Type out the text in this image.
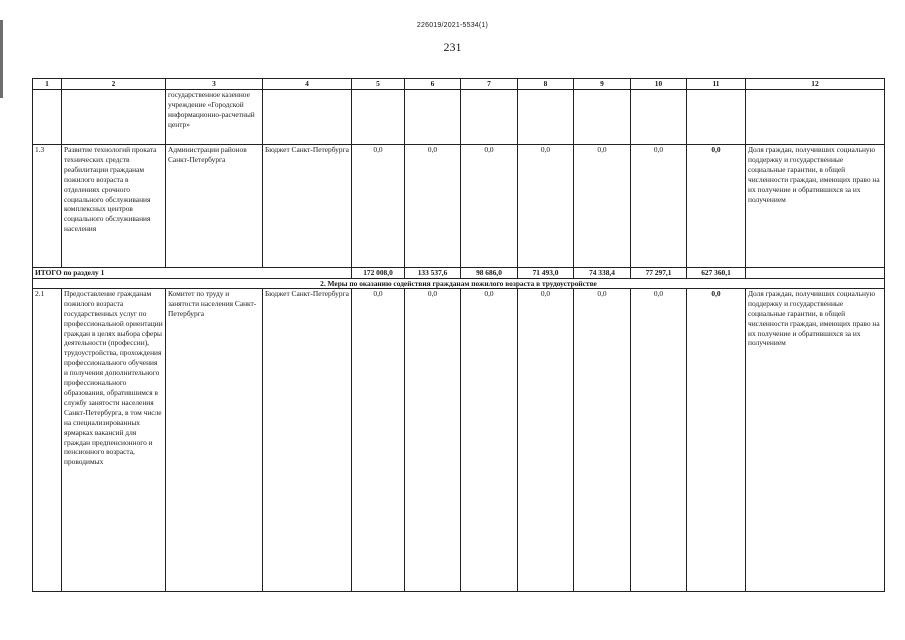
226019/2021-5534(1)
231
1	2	3	4	5	6	7	8	9	10	11	12
		государственное казенное учреждение «Городской информационно-расчетный центр»									
1.3	Развитие технологий проката технических средств реабилитации гражданам пожилого возраста в отделениях срочного социального обслуживания комплексных центров социального обслуживания населения	Администрации районов Санкт-Петербурга	Бюджет Санкт-Петербурга	0,0	0,0	0,0	0,0	0,0	0,0	0,0	Доля граждан, получивших социальную поддержку и государственные социальные гарантии, в общей численности граждан, имеющих право на их получение и обратившихся за их получением
ИТОГО по разделу 1				172 008,0	133 537,6	98 686,0	71 493,0	74 338,4	77 297,1	627 360,1	
2. Меры по оказанию содействия гражданам пожилого возраста в трудоустройстве											
2.1	Предоставление гражданам пожилого возраста государственных услуг по профессиональной ориентации граждан в целях выбора сферы деятельности (профессии), трудоустройства, прохождения профессионального обучения и получения дополнительного профессионального образования, обратившимся в службу занятости населения Санкт-Петербурга, в том числе на специализированных ярмарках вакансий для граждан предпенсионного и пенсионного возраста, проводимых	Комитет по труду и занятости населения Санкт-Петербурга	Бюджет Санкт-Петербурга	0,0	0,0	0,0	0,0	0,0	0,0	0,0	Доля граждан, получивших социальную поддержку и государственные социальные гарантии, в общей численности граждан, имеющих право на их получение и обратившихся за их получением
